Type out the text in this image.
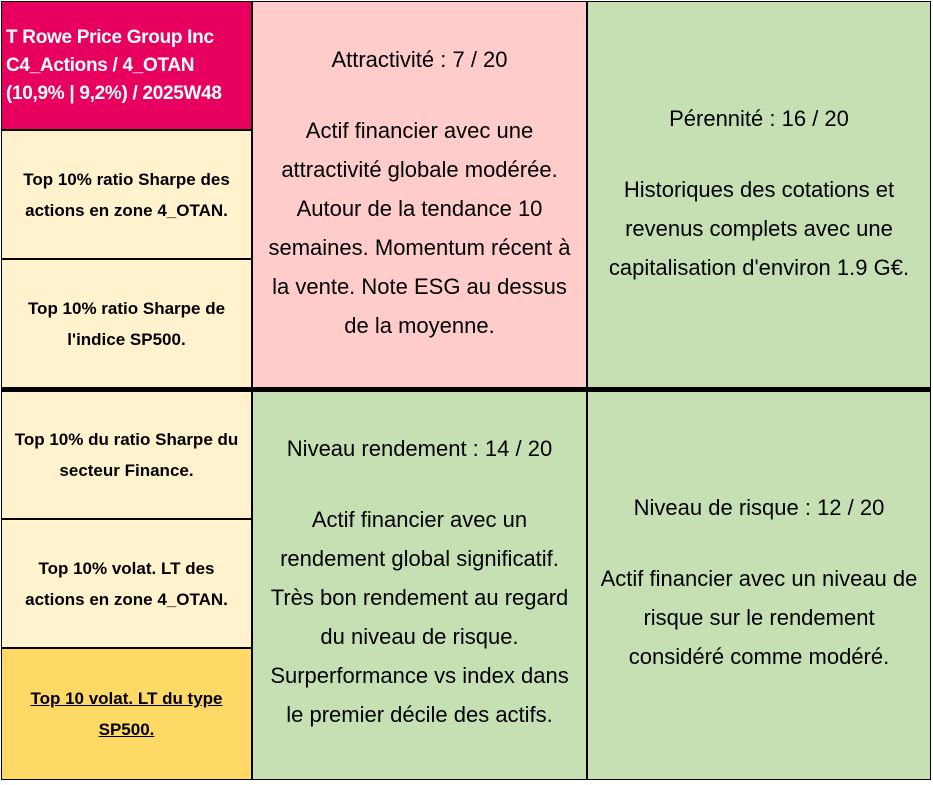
T Rowe Price Group Inc
C4_Actions / 4_OTAN
(10,9% | 9,2%) / 2025W48
Top 10% ratio Sharpe des
actions en zone 4_OTAN.
Top 10% ratio Sharpe de
l'indice SP500.
Top 10% du ratio Sharpe du
secteur Finance.
Top 10% volat. LT des
actions en zone 4_OTAN.
Top 10 volat. LT du type
SP500.
Attractivité : 7 / 20
Actif financier avec une
attractivité globale modérée.
Autour de la tendance 10
semaines. Momentum récent à
la vente. Note ESG au dessus
de la moyenne.
Pérennité : 16 / 20
Historiques des cotations et
revenus complets avec une
capitalisation d'environ 1.9 G€.
Niveau rendement : 14 / 20
Actif financier avec un
rendement global significatif.
Très bon rendement au regard
du niveau de risque.
Surperformance vs index dans
le premier décile des actifs.
Niveau de risque : 12 / 20
Actif financier avec un niveau de
risque sur le rendement
considéré comme modéré.
